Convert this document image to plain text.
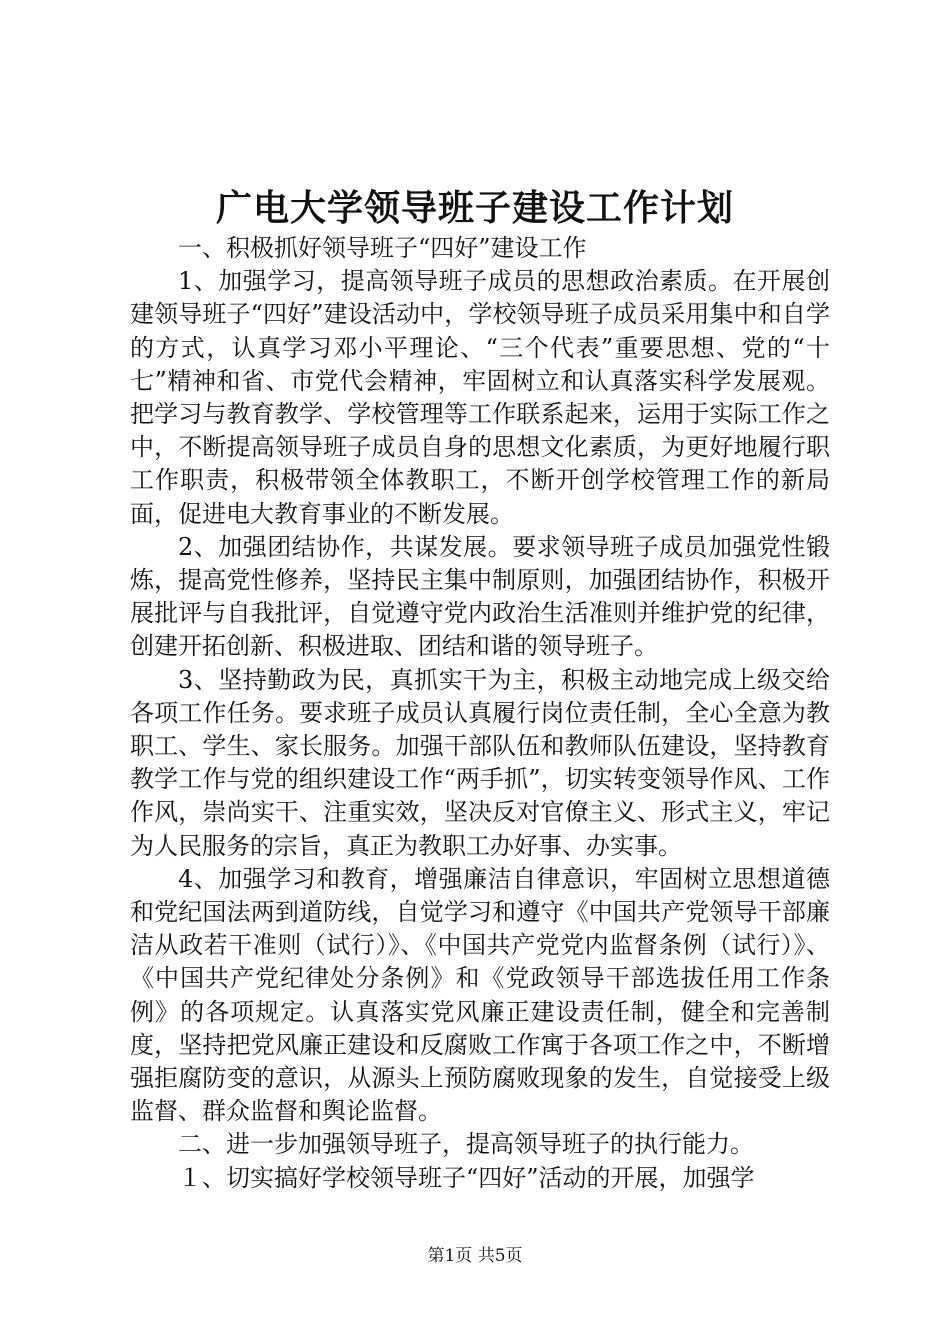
广电大学领导班子建设工作计划

一、积极抓好领导班子“四好”建设工作

1、加强学习，提高领导班子成员的思想政治素质。在开展创建领导班子“四好”建设活动中，学校领导班子成员采用集中和自学的方式，认真学习邓小平理论、“三个代表”重要思想、党的“十七”精神和省、市党代会精神，牢固树立和认真落实科学发展观。把学习与教育教学、学校管理等工作联系起来，运用于实际工作之中，不断提高领导班子成员自身的思想文化素质，为更好地履行职工作职责，积极带领全体教职工，不断开创学校管理工作的新局面，促进电大教育事业的不断发展。

2、加强团结协作，共谋发展。要求领导班子成员加强党性锻炼，提高党性修养，坚持民主集中制原则，加强团结协作，积极开展批评与自我批评，自觉遵守党内政治生活准则并维护党的纪律，创建开拓创新、积极进取、团结和谐的领导班子。

3、坚持勤政为民，真抓实干为主，积极主动地完成上级交给各项工作任务。要求班子成员认真履行岗位责任制，全心全意为教职工、学生、家长服务。加强干部队伍和教师队伍建设，坚持教育教学工作与党的组织建设工作“两手抓”，切实转变领导作风、工作作风，崇尚实干、注重实效，坚决反对官僚主义、形式主义，牢记为人民服务的宗旨，真正为教职工办好事、办实事。

4、加强学习和教育，增强廉洁自律意识，牢固树立思想道德和党纪国法两到道防线，自觉学习和遵守《中国共产党领导干部廉洁从政若干准则（试行）》、《中国共产党党内监督条例（试行）》、《中国共产党纪律处分条例》和《党政领导干部选拔任用工作条例》的各项规定。认真落实党风廉正建设责任制，健全和完善制度，坚持把党风廉正建设和反腐败工作寓于各项工作之中，不断增强拒腐防变的意识，从源头上预防腐败现象的发生，自觉接受上级监督、群众监督和舆论监督。

二、进一步加强领导班子，提高领导班子的执行能力。

１、切实搞好学校领导班子“四好”活动的开展，加强学

第1页 共5页
